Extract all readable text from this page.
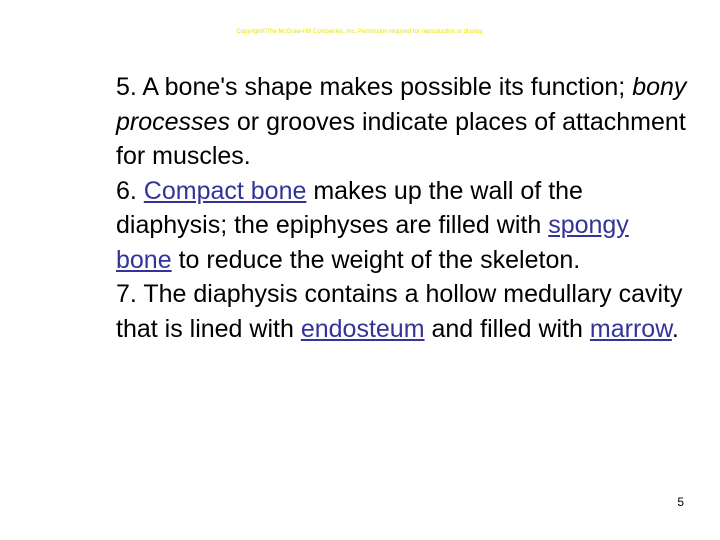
Copyright©The McGraw-Hill Companies, Inc. Permission required for reproduction or display.

5. A bone's shape makes possible its function; bony processes or grooves indicate places of attachment for muscles.

6. Compact bone makes up the wall of the diaphysis; the epiphyses are filled with spongy bone to reduce the weight of the skeleton.

7. The diaphysis contains a hollow medullary cavity that is lined with endosteum and filled with marrow.

5
